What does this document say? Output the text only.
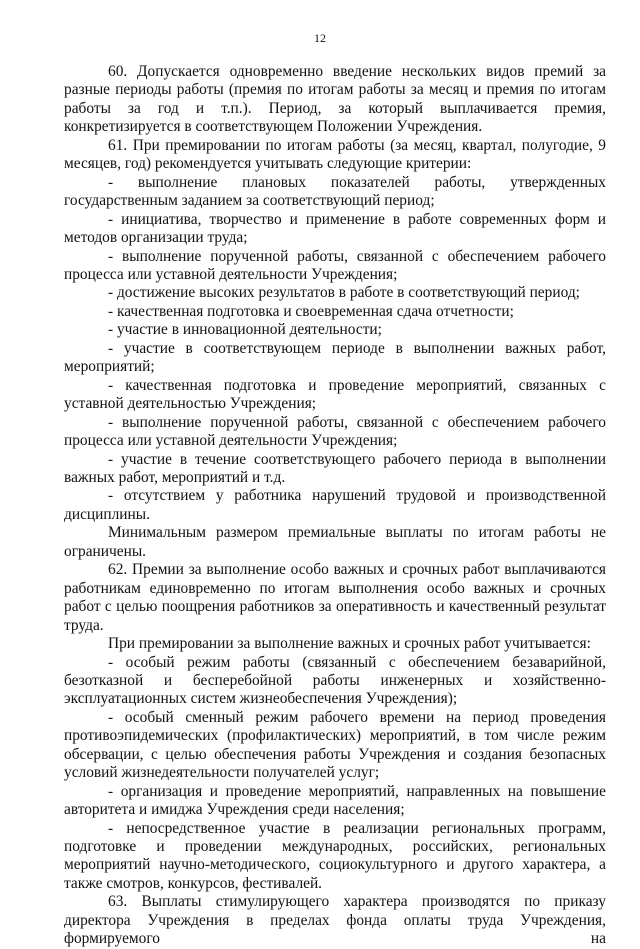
12

60. Допускается одновременно введение нескольких видов премий за разные периоды работы (премия по итогам работы за месяц и премия по итогам работы за год и т.п.). Период, за который выплачивается премия, конкретизируется в соответствующем Положении Учреждения.

61. При премировании по итогам работы (за месяц, квартал, полугодие, 9 месяцев, год) рекомендуется учитывать следующие критерии:

- выполнение плановых показателей работы, утвержденных государственным заданием за соответствующий период;

- инициатива, творчество и применение в работе современных форм и методов организации труда;

- выполнение порученной работы, связанной с обеспечением рабочего процесса или уставной деятельности Учреждения;

- достижение высоких результатов в работе в соответствующий период;

- качественная подготовка и своевременная сдача отчетности;

- участие в инновационной деятельности;

- участие в соответствующем периоде в выполнении важных работ, мероприятий;

- качественная подготовка и проведение мероприятий, связанных с уставной деятельностью Учреждения;

- выполнение порученной работы, связанной с обеспечением рабочего процесса или уставной деятельности Учреждения;

- участие в течение соответствующего рабочего периода в выполнении важных работ, мероприятий и т.д.

- отсутствием у работника нарушений трудовой и производственной дисциплины.

Минимальным размером премиальные выплаты по итогам работы не ограничены.

62. Премии за выполнение особо важных и срочных работ выплачиваются работникам единовременно по итогам выполнения особо важных и срочных работ с целью поощрения работников за оперативность и качественный результат труда.

При премировании за выполнение важных и срочных работ учитывается:

- особый режим работы (связанный с обеспечением безаварийной, безотказной и бесперебойной работы инженерных и хозяйственно-эксплуатационных систем жизнеобеспечения Учреждения);

- особый сменный режим рабочего времени на период проведения противоэпидемических (профилактических) мероприятий, в том числе режим обсервации, с целью обеспечения работы Учреждения и создания безопасных условий жизнедеятельности получателей услуг;

- организация и проведение мероприятий, направленных на повышение авторитета и имиджа Учреждения среди населения;

- непосредственное участие в реализации региональных программ, подготовке и проведении международных, российских, региональных мероприятий научно-методического, социокультурного и другого характера, а также смотров, конкурсов, фестивалей.

63. Выплаты стимулирующего характера производятся по приказу директора Учреждения в пределах фонда оплаты труда Учреждения, формируемого на
